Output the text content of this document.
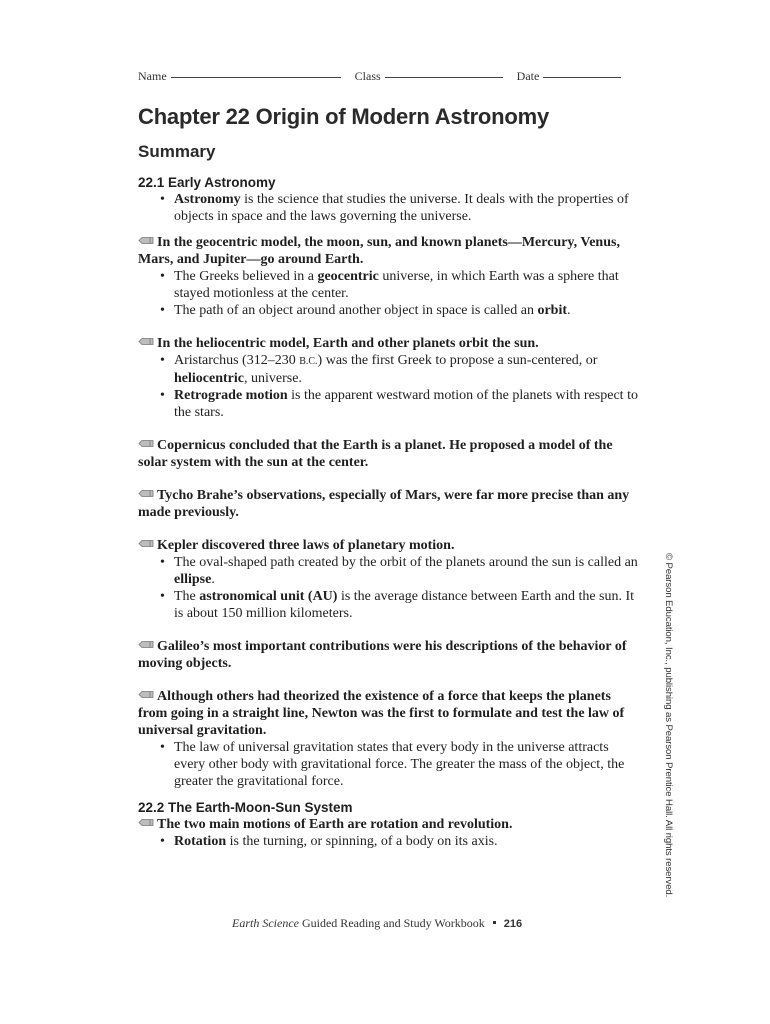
Name	Class	Date
Chapter 22 Origin of Modern Astronomy
Summary
22.1 Early Astronomy
• Astronomy is the science that studies the universe. It deals with the properties of objects in space and the laws governing the universe.

In the geocentric model, the moon, sun, and known planets—Mercury, Venus, Mars, and Jupiter—go around Earth.

• The Greeks believed in a geocentric universe, in which Earth was a sphere that stayed motionless at the center.
• The path of an object around another object in space is called an orbit.

In the heliocentric model, Earth and other planets orbit the sun.

• Aristarchus (312–230 B.C.) was the first Greek to propose a sun-centered, or heliocentric, universe.
• Retrograde motion is the apparent westward motion of the planets with respect to the stars.

Copernicus concluded that the Earth is a planet. He proposed a model of the solar system with the sun at the center.

Tycho Brahe’s observations, especially of Mars, were far more precise than any made previously.

Kepler discovered three laws of planetary motion.

• The oval-shaped path created by the orbit of the planets around the sun is called an ellipse.
• The astronomical unit (AU) is the average distance between Earth and the sun. It is about 150 million kilometers.

Galileo’s most important contributions were his descriptions of the behavior of moving objects.

Although others had theorized the existence of a force that keeps the planets from going in a straight line, Newton was the first to formulate and test the law of universal gravitation.

• The law of universal gravitation states that every body in the universe attracts every other body with gravitational force. The greater the mass of the object, the greater the gravitational force.
22.2 The Earth-Moon-Sun System

The two main motions of Earth are rotation and revolution.

• Rotation is the turning, or spinning, of a body on its axis.
Earth Science Guided Reading and Study Workbook 216
© Pearson Education, Inc., publishing as Pearson Prentice Hall. All rights reserved.
